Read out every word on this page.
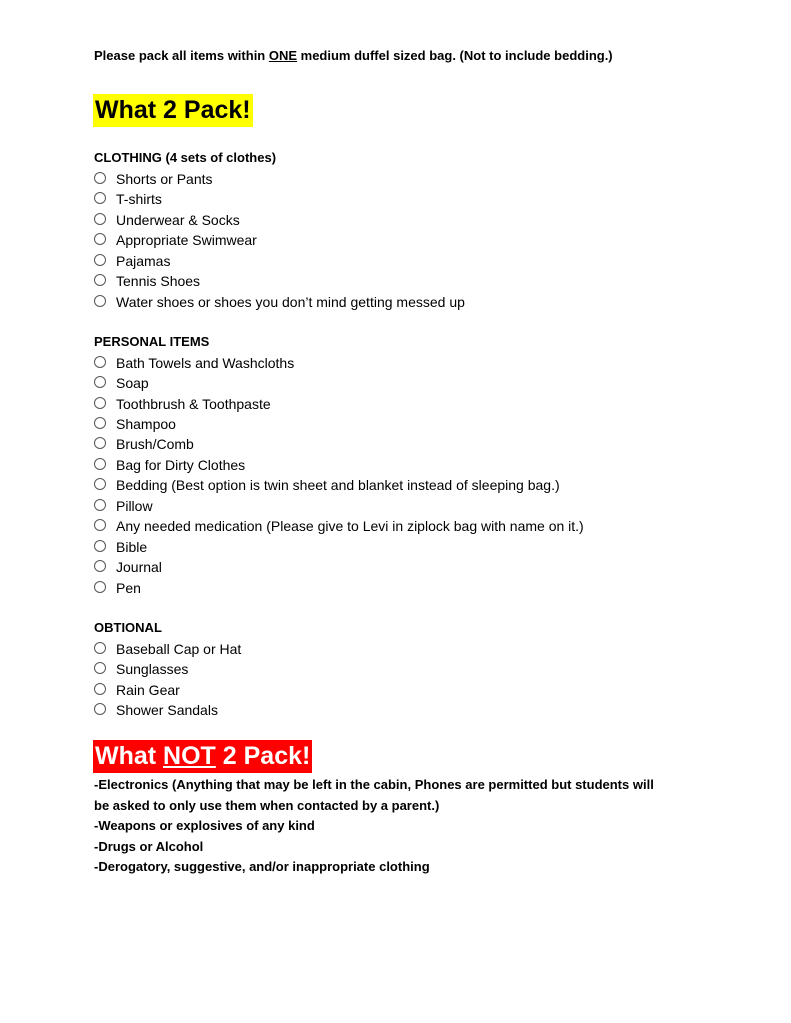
Please pack all items within ONE medium duffel sized bag. (Not to include bedding.)
What 2 Pack!
CLOTHING (4 sets of clothes)
Shorts or Pants
T-shirts
Underwear & Socks
Appropriate Swimwear
Pajamas
Tennis Shoes
Water shoes or shoes you don’t mind getting messed up
PERSONAL ITEMS
Bath Towels and Washcloths
Soap
Toothbrush & Toothpaste
Shampoo
Brush/Comb
Bag for Dirty Clothes
Bedding (Best option is twin sheet and blanket instead of sleeping bag.)
Pillow
Any needed medication (Please give to Levi in ziplock bag with name on it.)
Bible
Journal
Pen
OBTIONAL
Baseball Cap or Hat
Sunglasses
Rain Gear
Shower Sandals
What NOT 2 Pack!
-Electronics (Anything that may be left in the cabin, Phones are permitted but students will
be asked to only use them when contacted by a parent.)
-Weapons or explosives of any kind
-Drugs or Alcohol
-Derogatory, suggestive, and/or inappropriate clothing
